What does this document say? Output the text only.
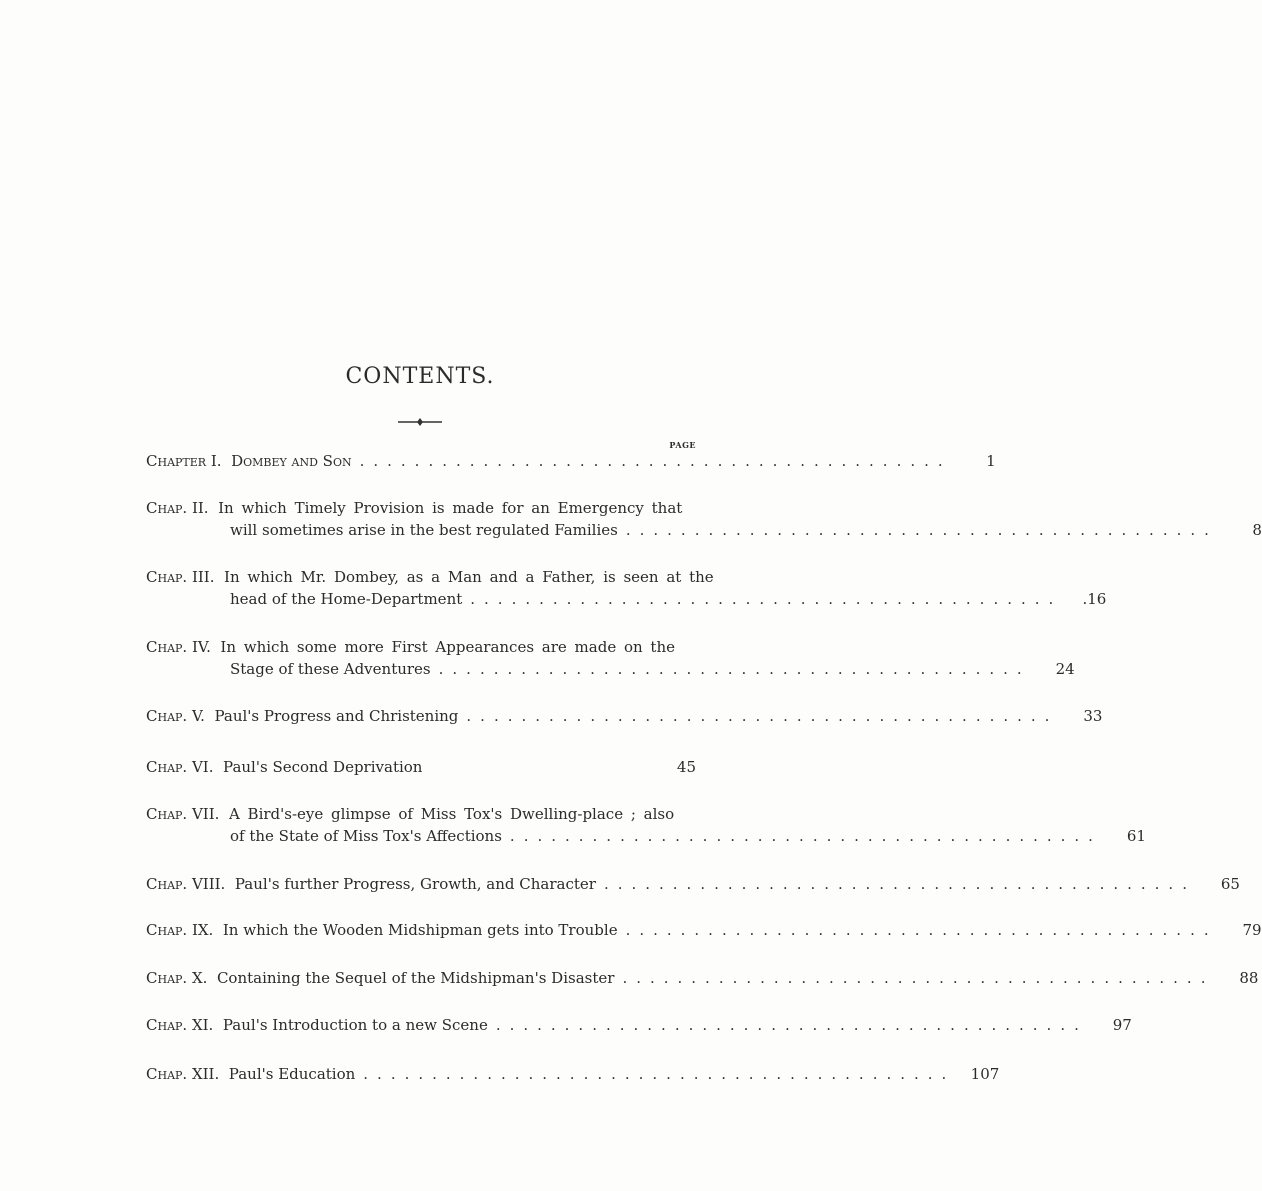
CONTENTS.
PAGE
Chapter I. Dombey and Son ...........................................	1
Chap. II.
In which Timely Provision is made for an Emergency that
will sometimes arise in the best regulated Families ...........................................	8
Chap. III.
In which Mr. Dombey, as a Man and a Father, is seen at the
head of the Home-Department ...........................................	.16
Chap. IV.
In which some more First Appearances are made on the
Stage of these Adventures ...........................................	24
Chap. V. Paul's Progress and Christening ...........................................	33
Chap. VI. Paul's Second Deprivation	45
Chap. VII.
A Bird's-eye glimpse of Miss Tox's Dwelling-place ; also
of the State of Miss Tox's Affections ...........................................	61
Chap. VIII. Paul's further Progress, Growth, and Character ...........................................	65
Chap. IX. In which the Wooden Midshipman gets into Trouble ...........................................	79
Chap. X. Containing the Sequel of the Midshipman's Disaster ...........................................	88
Chap. XI. Paul's Introduction to a new Scene ...........................................	97
Chap. XII. Paul's Education ...........................................	107
